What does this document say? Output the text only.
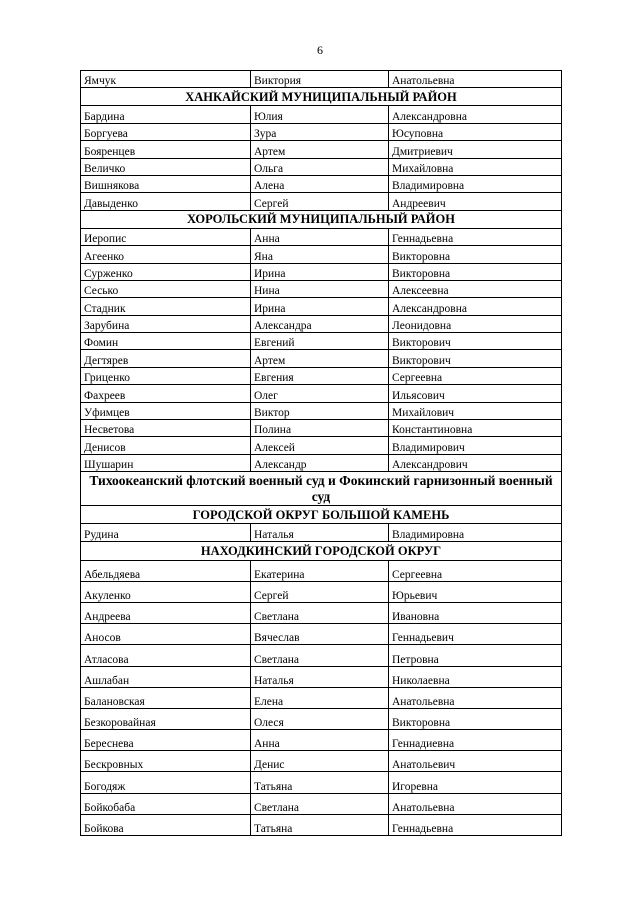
6
Ямчук	Виктория	Анатольевна
ХАНКАЙСКИЙ МУНИЦИПАЛЬНЫЙ РАЙОН		
Бардина	Юлия	Александровна
Боргуева	Зура	Юсуповна
Бояренцев	Артем	Дмитриевич
Величко	Ольга	Михайловна
Вишнякова	Алена	Владимировна
Давыденко	Сергей	Андреевич
ХОРОЛЬСКИЙ МУНИЦИПАЛЬНЫЙ РАЙОН		
Иеропис	Анна	Геннадьевна
Агеенко	Яна	Викторовна
Сурженко	Ирина	Викторовна
Сесько	Нина	Алексеевна
Стадник	Ирина	Александровна
Зарубина	Александра	Леонидовна
Фомин	Евгений	Викторович
Дегтярев	Артем	Викторович
Гриценко	Евгения	Сергеевна
Фахреев	Олег	Ильясович
Уфимцев	Виктор	Михайлович
Несветова	Полина	Константиновна
Денисов	Алексей	Владимирович
Шушарин	Александр	Александрович
Тихоокеанский флотский военный суд и Фокинский гарнизонный военный суд		
ГОРОДСКОЙ ОКРУГ БОЛЬШОЙ КАМЕНЬ		
Рудина	Наталья	Владимировна
НАХОДКИНСКИЙ ГОРОДСКОЙ ОКРУГ		
Абельдяева	Екатерина	Сергеевна
Акуленко	Сергей	Юрьевич
Андреева	Светлана	Ивановна
Аносов	Вячеслав	Геннадьевич
Атласова	Светлана	Петровна
Ашлабан	Наталья	Николаевна
Балановская	Елена	Анатольевна
Безкоровайная	Олеся	Викторовна
Береснева	Анна	Геннадиевна
Бескровных	Денис	Анатольевич
Богодяж	Татьяна	Игоревна
Бойкобаба	Светлана	Анатольевна
Бойкова	Татьяна	Геннадьевна
